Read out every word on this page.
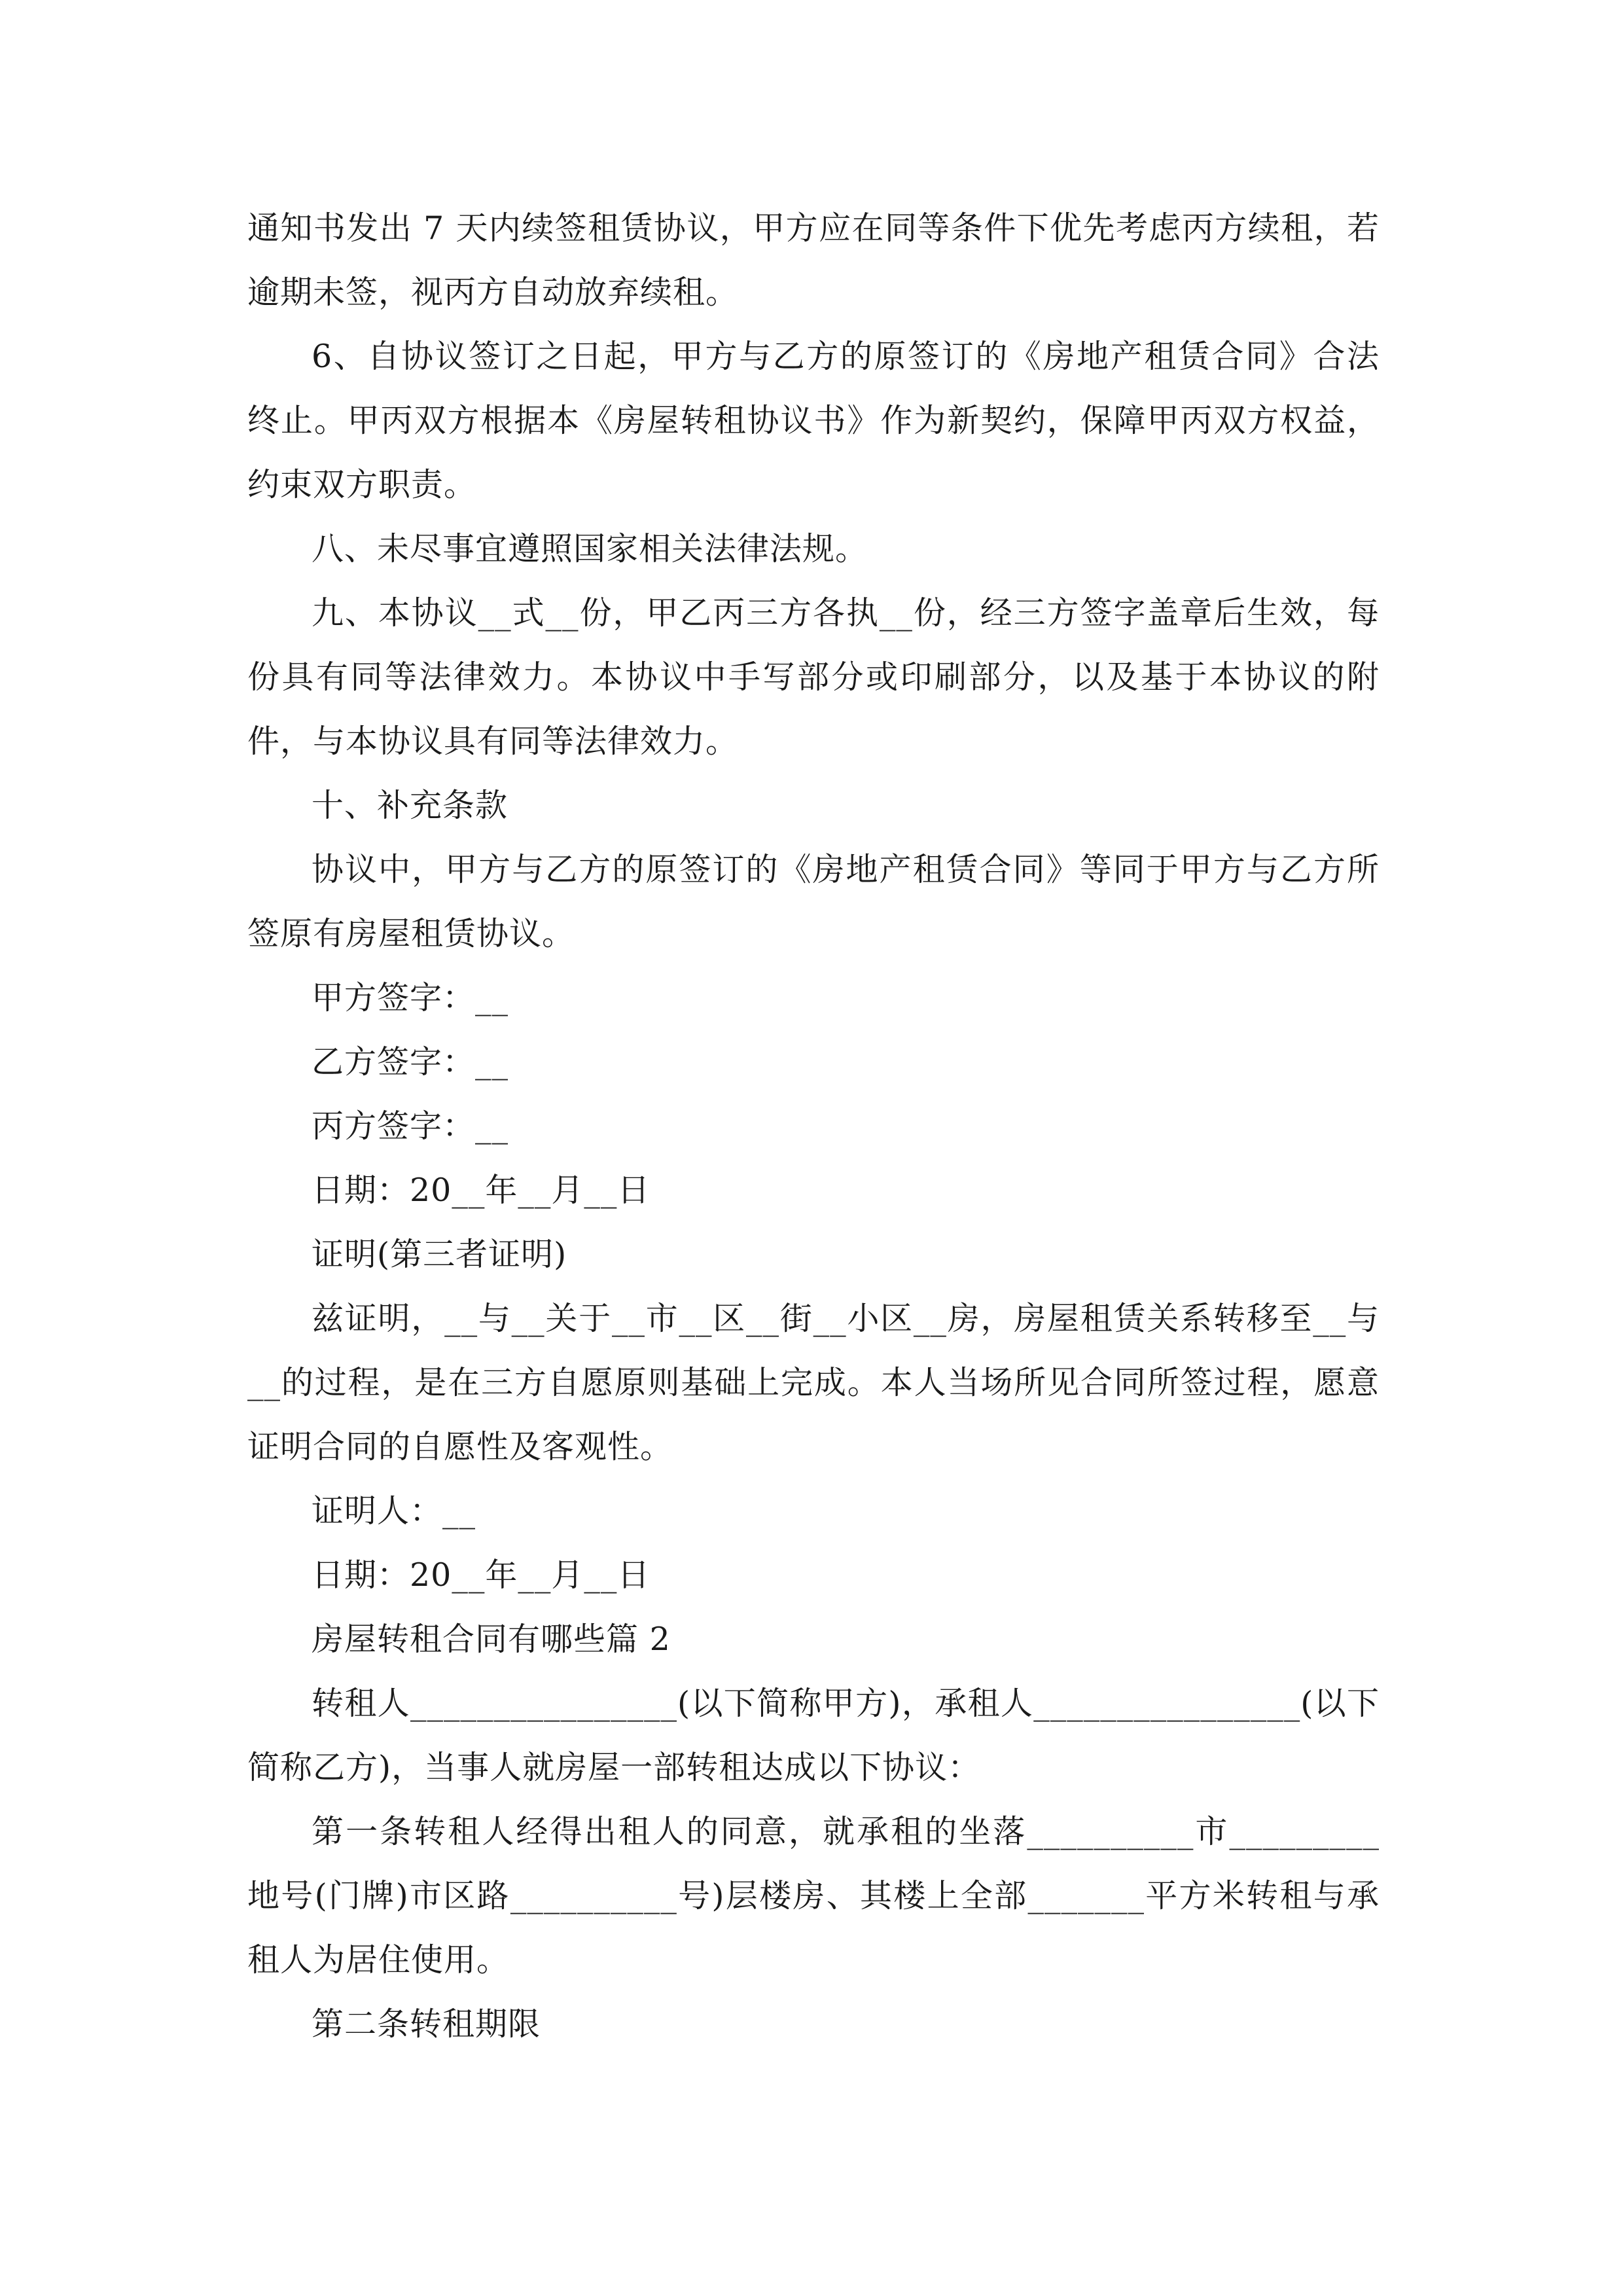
通知书发出 7 天内续签租赁协议，甲方应在同等条件下优先考虑丙方续租，若逾期未签，视丙方自动放弃续租。

6、自协议签订之日起，甲方与乙方的原签订的《房地产租赁合同》合法终止。甲丙双方根据本《房屋转租协议书》作为新契约，保障甲丙双方权益，约束双方职责。

八、未尽事宜遵照国家相关法律法规。

九、本协议__式__份，甲乙丙三方各执__份，经三方签字盖章后生效，每份具有同等法律效力。本协议中手写部分或印刷部分，以及基于本协议的附件，与本协议具有同等法律效力。

十、补充条款

协议中，甲方与乙方的原签订的《房地产租赁合同》等同于甲方与乙方所签原有房屋租赁协议。

甲方签字：__

乙方签字：__

丙方签字：__

日期：20__年__月__日

证明(第三者证明)

兹证明，__与__关于__市__区__街__小区__房，房屋租赁关系转移至__与__的过程，是在三方自愿原则基础上完成。本人当场所见合同所签过程，愿意证明合同的自愿性及客观性。

证明人：__

日期：20__年__月__日

房屋转租合同有哪些篇 2

转租人________________(以下简称甲方)，承租人________________(以下简称乙方)，当事人就房屋一部转租达成以下协议：

第一条转租人经得出租人的同意，就承租的坐落__________市_________地号(门牌)市区路__________号)层楼房、其楼上全部_______平方米转租与承租人为居住使用。

第二条转租期限
